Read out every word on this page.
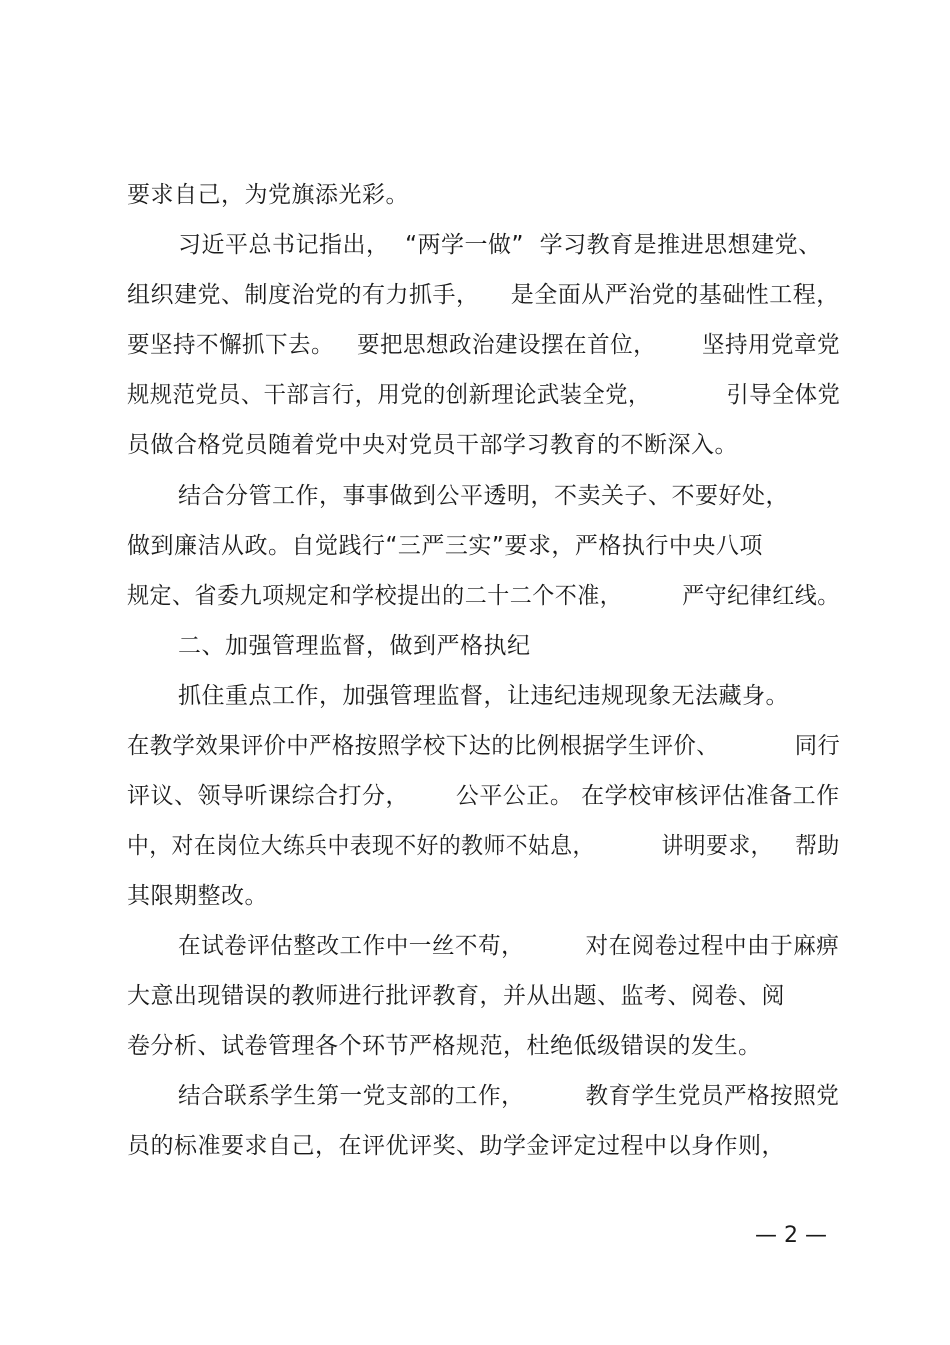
要求自己，为党旗添光彩。
习近平总书记指出，  “两学一做”  学习教育是推进思想建党、
组织建党、制度治党的有力抓手，    是全面从严治党的基础性工程，
要坚持不懈抓下去。   要把思想政治建设摆在首位，      坚持用党章党
规规范党员、干部言行，用党的创新理论武装全党，          引导全体党
员做合格党员随着党中央对党员干部学习教育的不断深入。
结合分管工作，事事做到公平透明，不卖关子、不要好处，
做到廉洁从政。自觉践行“三严三实”要求，严格执行中央八项
规定、省委九项规定和学校提出的二十二个不准，        严守纪律红线。
二、加强管理监督，做到严格执纪
抓住重点工作，加强管理监督，让违纪违规现象无法藏身。
在教学效果评价中严格按照学校下达的比例根据学生评价、          同行
评议、领导听课综合打分，      公平公正。 在学校审核评估准备工作
中，对在岗位大练兵中表现不好的教师不姑息，         讲明要求，   帮助
其限期整改。
在试卷评估整改工作中一丝不苟，        对在阅卷过程中由于麻痹
大意出现错误的教师进行批评教育，并从出题、监考、阅卷、阅
卷分析、试卷管理各个环节严格规范，杜绝低级错误的发生。
结合联系学生第一党支部的工作，        教育学生党员严格按照党
员的标准要求自己，在评优评奖、助学金评定过程中以身作则，
— 2 —
